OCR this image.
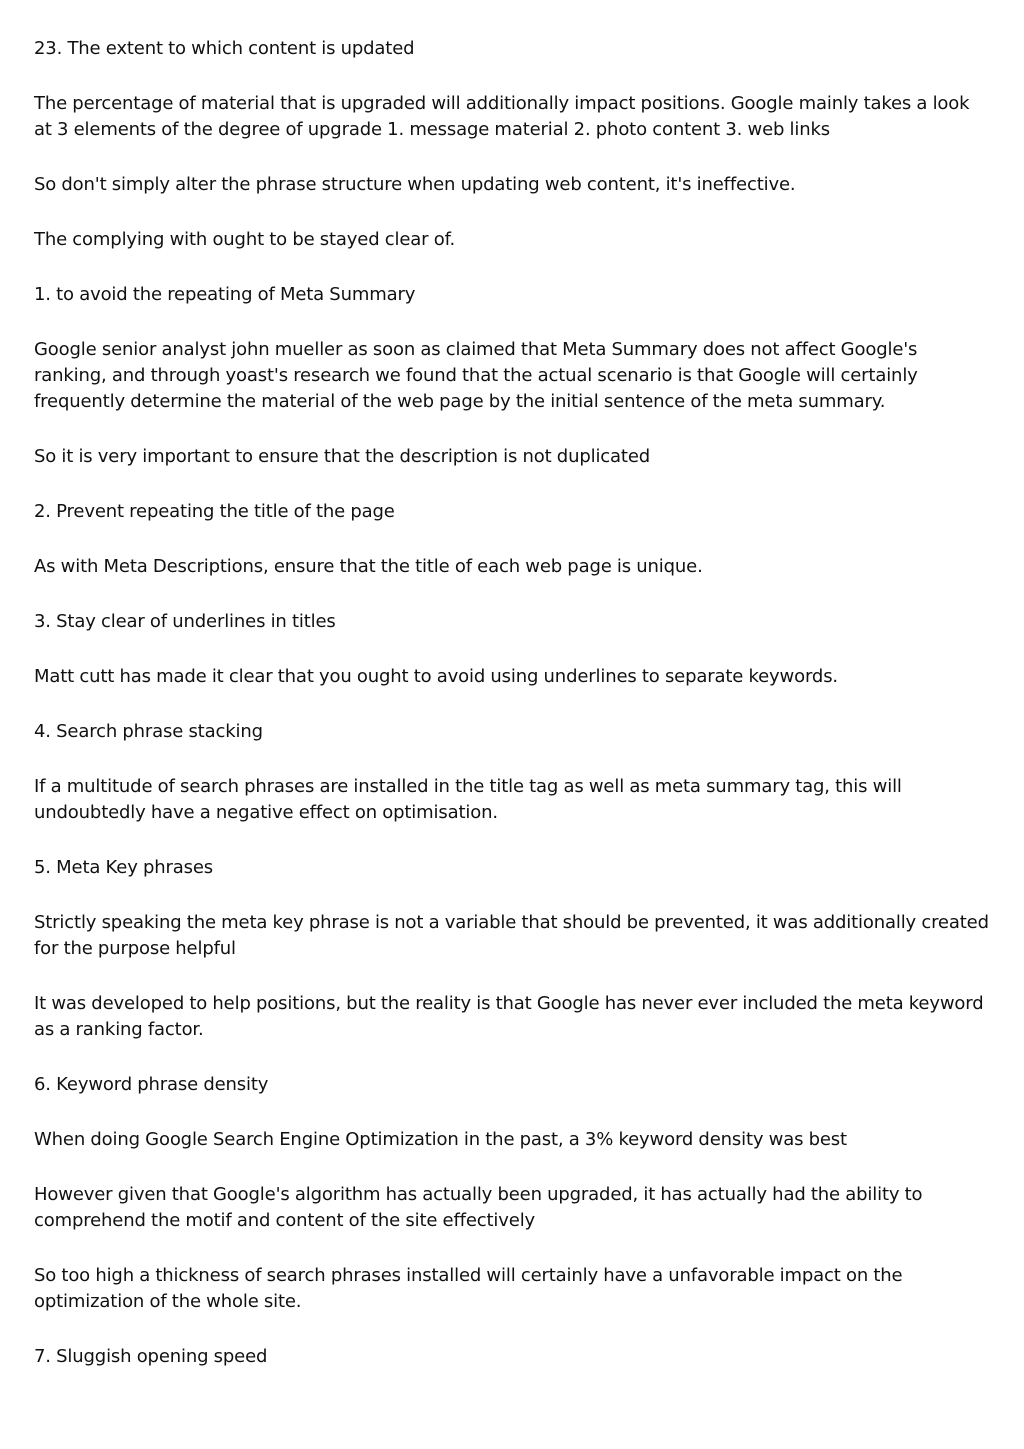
23. The extent to which content is updated

The percentage of material that is upgraded will additionally impact positions. Google mainly takes a look at 3 elements of the degree of upgrade 1. message material 2. photo content 3. web links

So don't simply alter the phrase structure when updating web content, it's ineffective.

The complying with ought to be stayed clear of.

1. to avoid the repeating of Meta Summary

Google senior analyst john mueller as soon as claimed that Meta Summary does not affect Google's ranking, and through yoast's research we found that the actual scenario is that Google will certainly frequently determine the material of the web page by the initial sentence of the meta summary.

So it is very important to ensure that the description is not duplicated

2. Prevent repeating the title of the page

As with Meta Descriptions, ensure that the title of each web page is unique.

3. Stay clear of underlines in titles

Matt cutt has made it clear that you ought to avoid using underlines to separate keywords.

4. Search phrase stacking

If a multitude of search phrases are installed in the title tag as well as meta summary tag, this will undoubtedly have a negative effect on optimisation.

5. Meta Key phrases

Strictly speaking the meta key phrase is not a variable that should be prevented, it was additionally created for the purpose helpful

It was developed to help positions, but the reality is that Google has never ever included the meta keyword as a ranking factor.

6. Keyword phrase density

When doing Google Search Engine Optimization in the past, a 3% keyword density was best

However given that Google's algorithm has actually been upgraded, it has actually had the ability to comprehend the motif and content of the site effectively

So too high a thickness of search phrases installed will certainly have a unfavorable impact on the optimization of the whole site.

7. Sluggish opening speed
